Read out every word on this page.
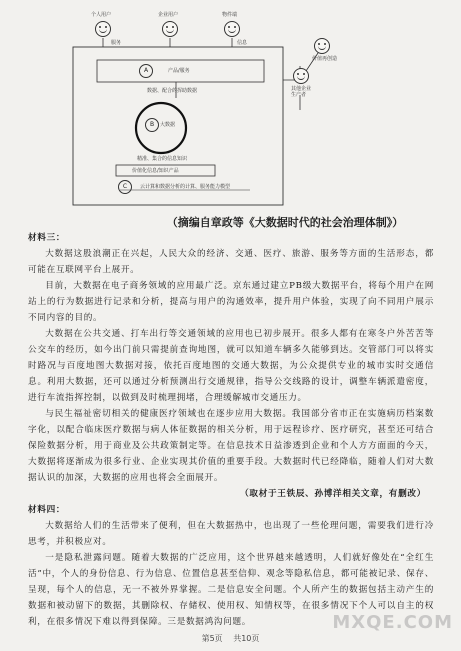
个人用户	企业用户	物件端
服务	信息
A	产品/服务
数据、配合的挥助数据
B	大数据
精准、集合的信息知识
价值化信息/知识产品
C	云计算和数据分析的计算、服务能力模型
价值再创造
其他企业生产者
（摘编自章政等《大数据时代的社会治理体制》）
材料三：

大数据这股浪潮正在兴起，人民大众的经济、交通、医疗、旅游、服务等方面的生活形态，都可能在互联网平台上展开。

目前，大数据在电子商务领域的应用最广泛。京东通过建立PB级大数据平台，将每个用户在网站上的行为数据进行记录和分析，提高与用户的沟通效率，提升用户体验，实现了向不同用户展示不同内容的目的。

大数据在公共交通、打车出行等交通领域的应用也已初步展开。很多人都有在寒冬户外苦苦等公交车的经历，如今出门前只需提前查询地图，就可以知道车辆多久能够到达。交管部门可以将实时路况与百度地图大数据对接，依托百度地图的交通大数据，为公众提供专业的城市实时交通信息。利用大数据，还可以通过分析预测出行交通规律，指导公交线路的设计，调整车辆派遣密度，进行车流指挥控制，以做到及时梳理拥堵，合理缓解城市交通压力。

与民生福祉密切相关的健康医疗领域也在逐步应用大数据。我国部分省市正在实施病历档案数字化，以配合临床医疗数据与病人体征数据的相关分析，用于远程诊疗、医疗研究，甚至还可结合保险数据分析，用于商业及公共政策制定等。在信息技术日益渗透到企业和个人方方面面的今天，大数据将逐渐成为很多行业、企业实现其价值的重要手段。大数据时代已经降临，随着人们对大数据认识的加深，大数据的应用也将会全面展开。

（取材于王铁辰、孙博洋相关文章，有删改）
材料四：

大数据给人们的生活带来了便利，但在大数据热中，也出现了一些伦理问题，需要我们进行冷思考，并积极应对。

一是隐私泄露问题。随着大数据的广泛应用，这个世界越来越透明，人们就好像处在“全红生活”中，个人的身份信息、行为信息、位置信息甚至信仰、观念等隐私信息，都可能被记录、保存、呈现，每个人的信息，无一不被外界掌握。二是信息安全问题。个人所产生的数据包括主动产生的数据和被动留下的数据，其删除权、存储权、使用权、知情权等，在很多情况下个人可以自主的权利，在很多情况下难以得到保障。三是数据鸿沟问题。

第5页 共10页
MXQE.COM
